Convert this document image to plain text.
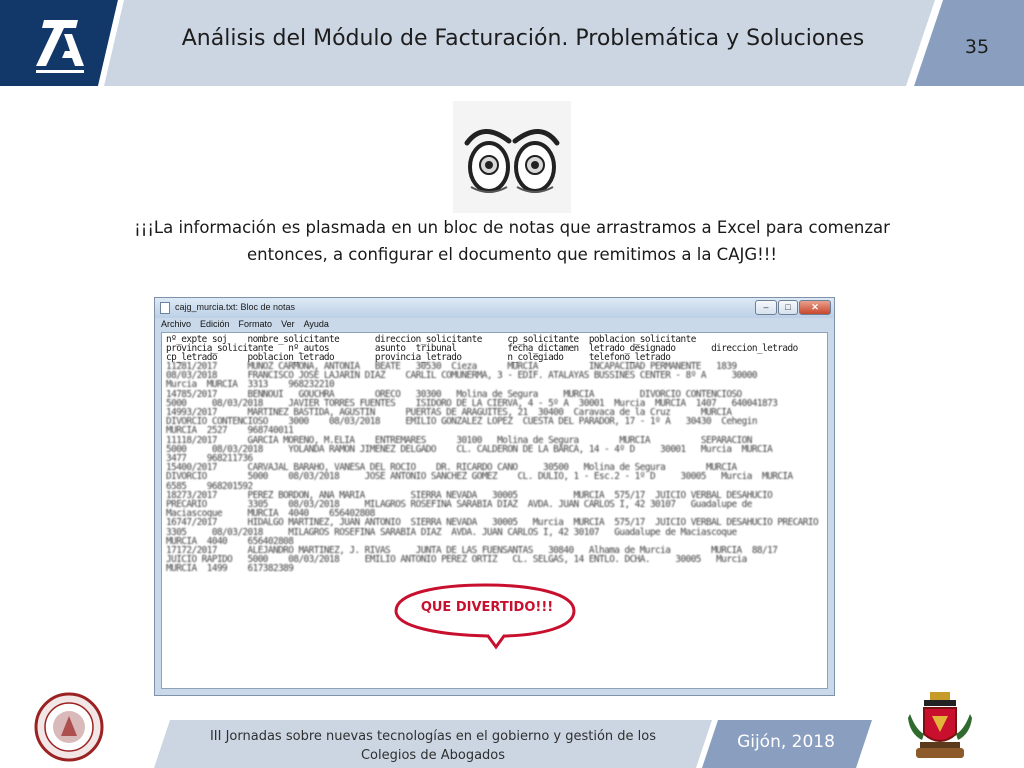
Análisis del Módulo de Facturación. Problemática y Soluciones	35
¡¡¡La información es plasmada en un bloc de notas que arrastramos a Excel para comenzar
entonces, a configurar el documento que remitimos a la CAJG!!!
cajg_murcia.txt: Bloc de notas	–	□	✕
Archivo Edición Formato Ver Ayuda
nº_expte soj    nombre_solicitante       direccion_solicitante     cp_solicitante  poblacion_solicitante
provincia_solicitante   nº_autos         asunto  tribunal          fecha_dictamen  letrado_designado       direccion_letrado
cp_letrado      poblacion_letrado        provincia_letrado         n_colegiado     telefono_letrado
11281/2017      MUÑOZ CARMONA, ANTONIA   BEATE   30530  Cieza      MURCIA          INCAPACIDAD PERMANENTE   1839
08/03/2018      FRANCISCO JOSE LAJARIN DIAZ    CARLIL COMUNERMA, 3 - EDIF. ATALAYAS BUSSINES CENTER - 8º A     30000
Murcia  MURCIA  3313    968232210
14785/2017      BENNOUI   GOUCHRA        ORECO   30300   Molina de Segura     MURCIA         DIVORCIO CONTENCIOSO
5000     08/03/2018     JAVIER TORRES FUENTES    ISIDORO DE LA CIERVA, 4 - 5º A  30001  Murcia  MURCIA  1407   640041873
14993/2017      MARTINEZ BASTIDA, AGUSTIN      PUERTAS DE ARAGUITES, 21  30400  Caravaca de la Cruz      MURCIA
DIVORCIO CONTENCIOSO    3000    08/03/2018     EMILIO GONZALEZ LOPEZ  CUESTA DEL PARADOR, 17 - 1º A   30430  Cehegin
MURCIA  2527    968740011
11118/2017      GARCIA MORENO, M.ELIA    ENTREMARES      30100   Molina de Segura        MURCIA          SEPARACION
5000     08/03/2018     YOLANDA RAMON JIMENEZ DELGADO    CL. CALDERON DE LA BARCA, 14 - 4º D     30001   Murcia  MURCIA
3477    968211736
15400/2017      CARVAJAL BARAHO, VANESA DEL ROCIO    DR. RICARDO CANO     30500   Molina de Segura        MURCIA
DIVORCIO        5000    08/03/2018     JOSE ANTONIO SANCHEZ GOMEZ    CL. DULIO, 1 - Esc.2 - 1º D     30005   Murcia  MURCIA
6585    968201592
18273/2017      PEREZ BORDON, ANA MARIA         SIERRA NEVADA   30005           MURCIA  575/17  JUICIO VERBAL DESAHUCIO
PRECARIO        3305    08/03/2018     MILAGROS ROSEFINA SARABIA DIAZ  AVDA. JUAN CARLOS I, 42 30107   Guadalupe de
Maciascoque     MURCIA  4040    656402808
16747/2017      HIDALGO MARTINEZ, JUAN ANTONIO  SIERRA NEVADA   30005   Murcia  MURCIA  575/17  JUICIO VERBAL DESAHUCIO PRECARIO
3305     08/03/2018     MILAGROS ROSEFINA SARABIA DIAZ  AVDA. JUAN CARLOS I, 42 30107   Guadalupe de Maciascoque
MURCIA  4040    656402808
17172/2017      ALEJANDRO MARTINEZ, J. RIVAS     JUNTA DE LAS FUENSANTAS   30840   Alhama de Murcia        MURCIA  88/17
JUICIO RAPIDO   5000    08/03/2018     EMILIO ANTONIO PEREZ ORTIZ   CL. SELGAS, 14 ENTLO. DCHA.     30005   Murcia
MURCIA  1499    617382389
QUE DIVERTIDO!!!
III Jornadas sobre nuevas tecnologías en el gobierno y gestión de los
Colegios de Abogados
Gijón, 2018
